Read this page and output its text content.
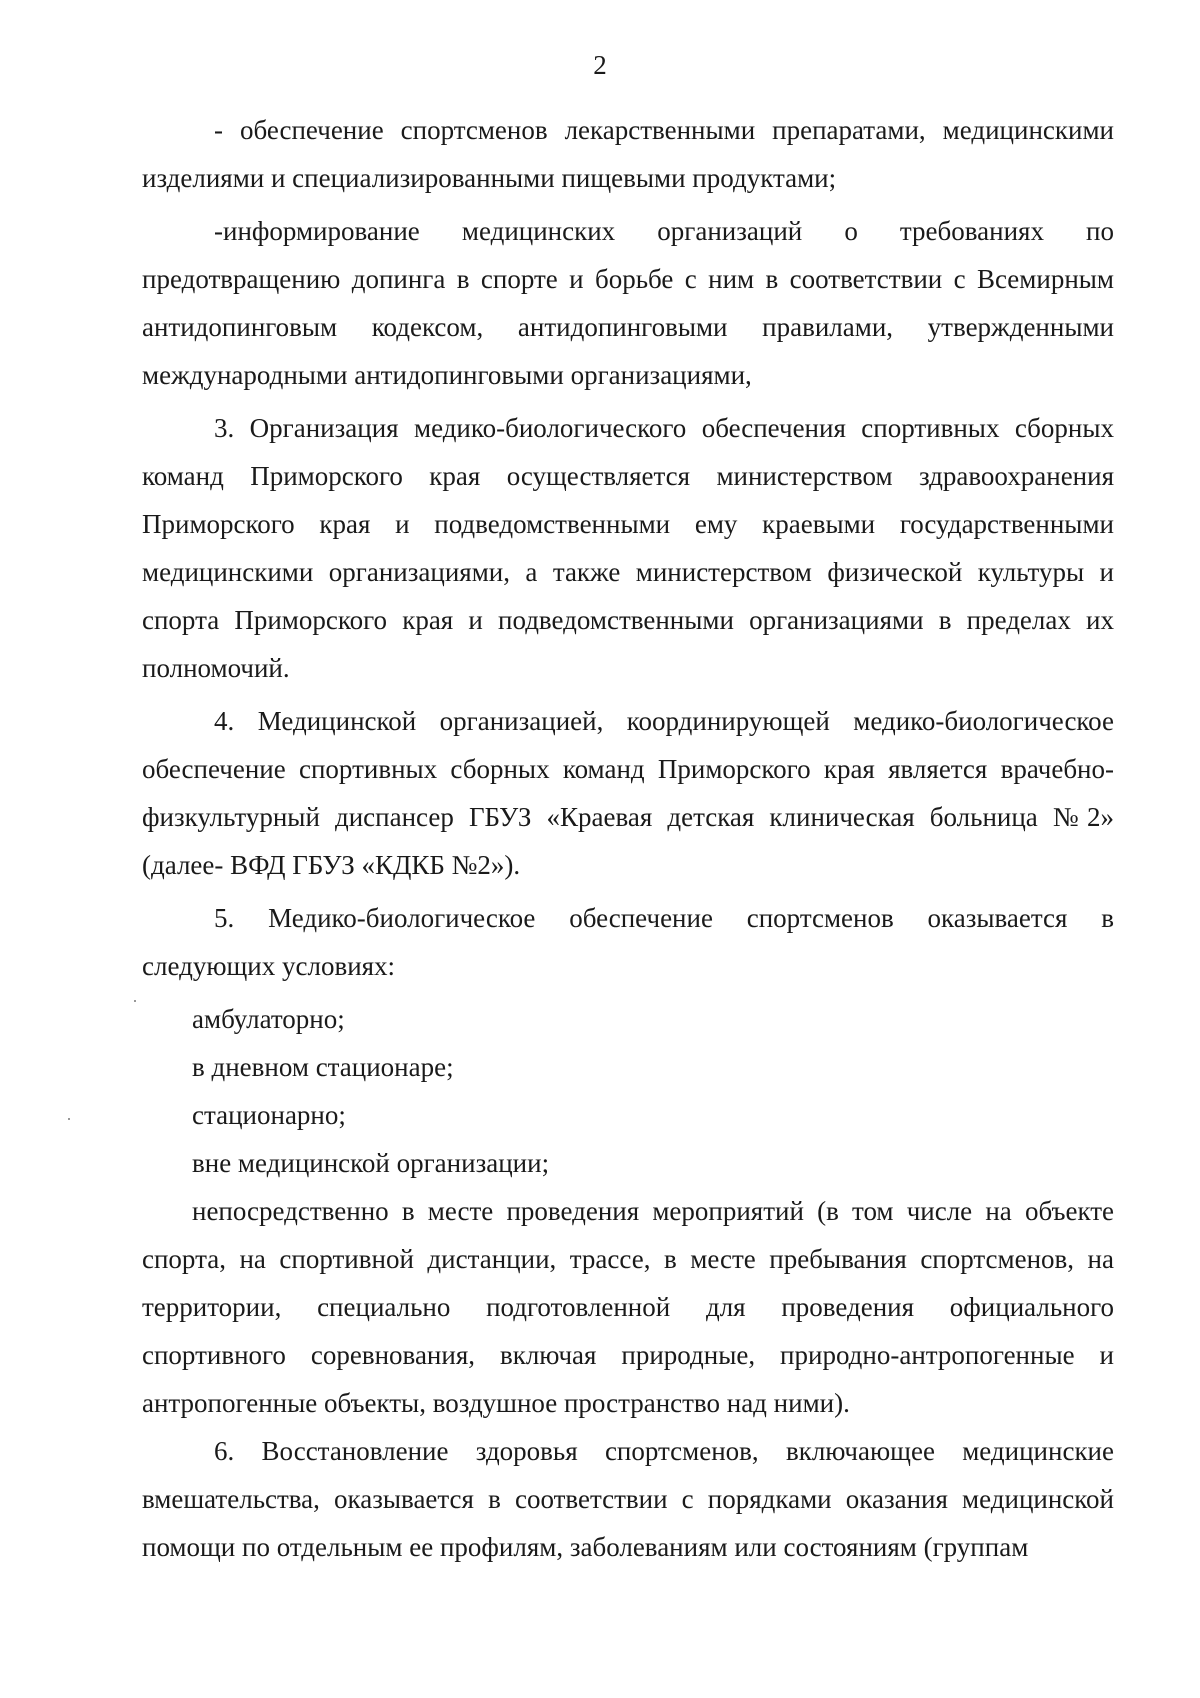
2

- обеспечение спортсменов лекарственными препаратами, медицинскими изделиями и специализированными пищевыми продуктами;

-информирование медицинских организаций о требованиях по предотвращению допинга в спорте и борьбе с ним в соответствии с Всемирным антидопинговым кодексом, антидопинговыми правилами, утвержденными международными антидопинговыми организациями,

3. Организация медико-биологического обеспечения спортивных сборных команд Приморского края осуществляется министерством здравоохранения Приморского края и подведомственными ему краевыми государственными медицинскими организациями, а также министерством физической культуры и спорта Приморского края и подведомственными организациями в пределах их полномочий.

4. Медицинской организацией, координирующей медико-биологическое обеспечение спортивных сборных команд Приморского края является врачебно-физкультурный диспансер ГБУЗ «Краевая детская клиническая больница №2» (далее- ВФД ГБУЗ «КДКБ №2»).

5. Медико-биологическое обеспечение спортсменов оказывается в следующих условиях:

амбулаторно;

в дневном стационаре;

стационарно;

вне медицинской организации;

непосредственно в месте проведения мероприятий (в том числе на объекте спорта, на спортивной дистанции, трассе, в месте пребывания спортсменов, на территории, специально подготовленной для проведения официального спортивного соревнования, включая природные, природно-антропогенные и антропогенные объекты, воздушное пространство над ними).

6. Восстановление здоровья спортсменов, включающее медицинские вмешательства, оказывается в соответствии с порядками оказания медицинской помощи по отдельным ее профилям, заболеваниям или состояниям (группам
